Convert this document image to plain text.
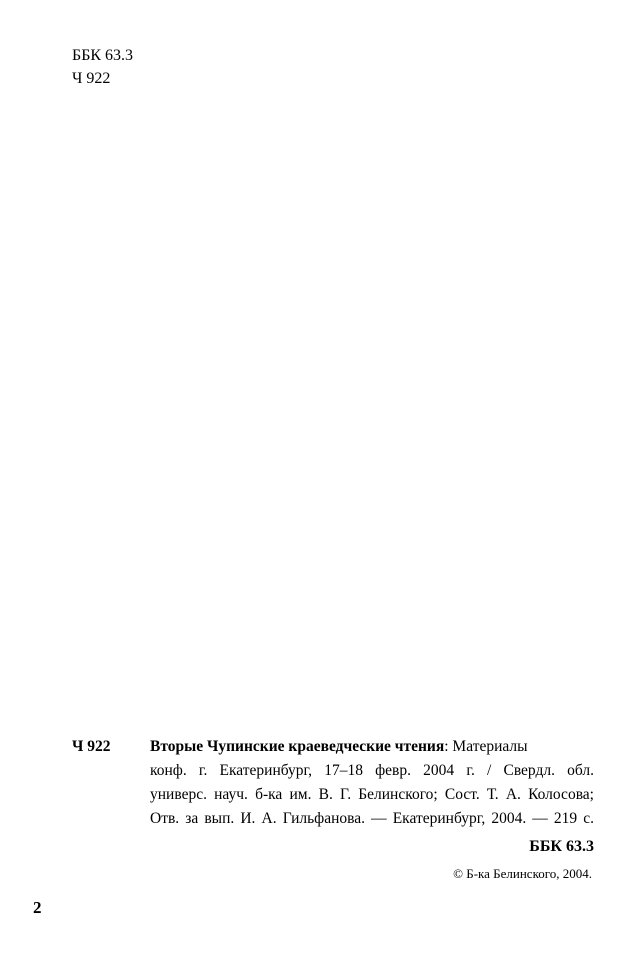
ББК 63.3
Ч 922
Ч 922	Вторые Чупинские краеведческие чтения: Материалы
конф. г. Екатеринбург, 17–18 февр. 2004 г. / Свердл. обл.
универс. науч. б-ка им. В. Г. Белинского; Сост. Т. А. Колосова;
Отв. за вып. И. А. Гильфанова. — Екатеринбург, 2004. — 219 с.
ББК 63.3
© Б-ка Белинского, 2004.
2
